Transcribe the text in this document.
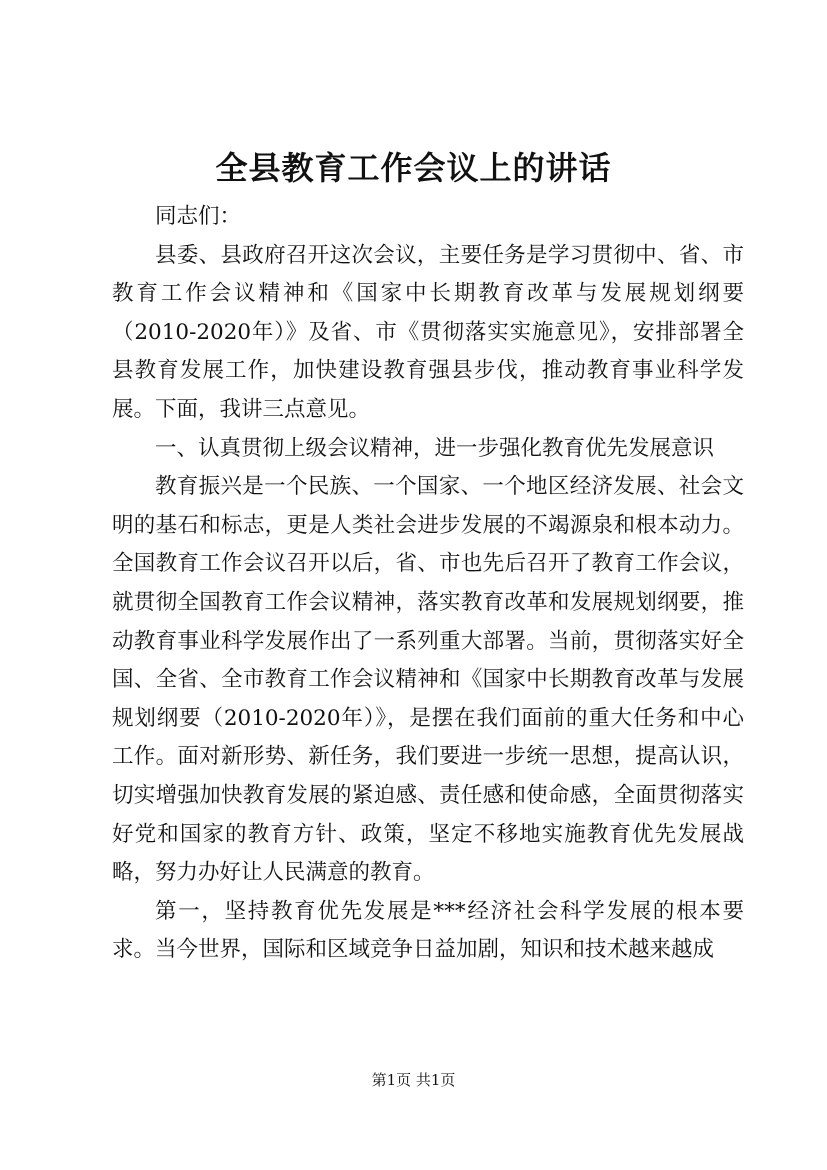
全县教育工作会议上的讲话

同志们：

县委、县政府召开这次会议，主要任务是学习贯彻中、省、市教育工作会议精神和《国家中长期教育改革与发展规划纲要（2010-2020年）》及省、市《贯彻落实实施意见》，安排部署全县教育发展工作，加快建设教育强县步伐，推动教育事业科学发展。下面，我讲三点意见。

一、认真贯彻上级会议精神，进一步强化教育优先发展意识

教育振兴是一个民族、一个国家、一个地区经济发展、社会文明的基石和标志，更是人类社会进步发展的不竭源泉和根本动力。全国教育工作会议召开以后，省、市也先后召开了教育工作会议，就贯彻全国教育工作会议精神，落实教育改革和发展规划纲要，推动教育事业科学发展作出了一系列重大部署。当前，贯彻落实好全国、全省、全市教育工作会议精神和《国家中长期教育改革与发展规划纲要（2010-2020年）》，是摆在我们面前的重大任务和中心工作。面对新形势、新任务，我们要进一步统一思想，提高认识，切实增强加快教育发展的紧迫感、责任感和使命感，全面贯彻落实好党和国家的教育方针、政策，坚定不移地实施教育优先发展战略，努力办好让人民满意的教育。

第一，坚持教育优先发展是***经济社会科学发展的根本要求。当今世界，国际和区域竞争日益加剧，知识和技术越来越成

第1页 共1页
